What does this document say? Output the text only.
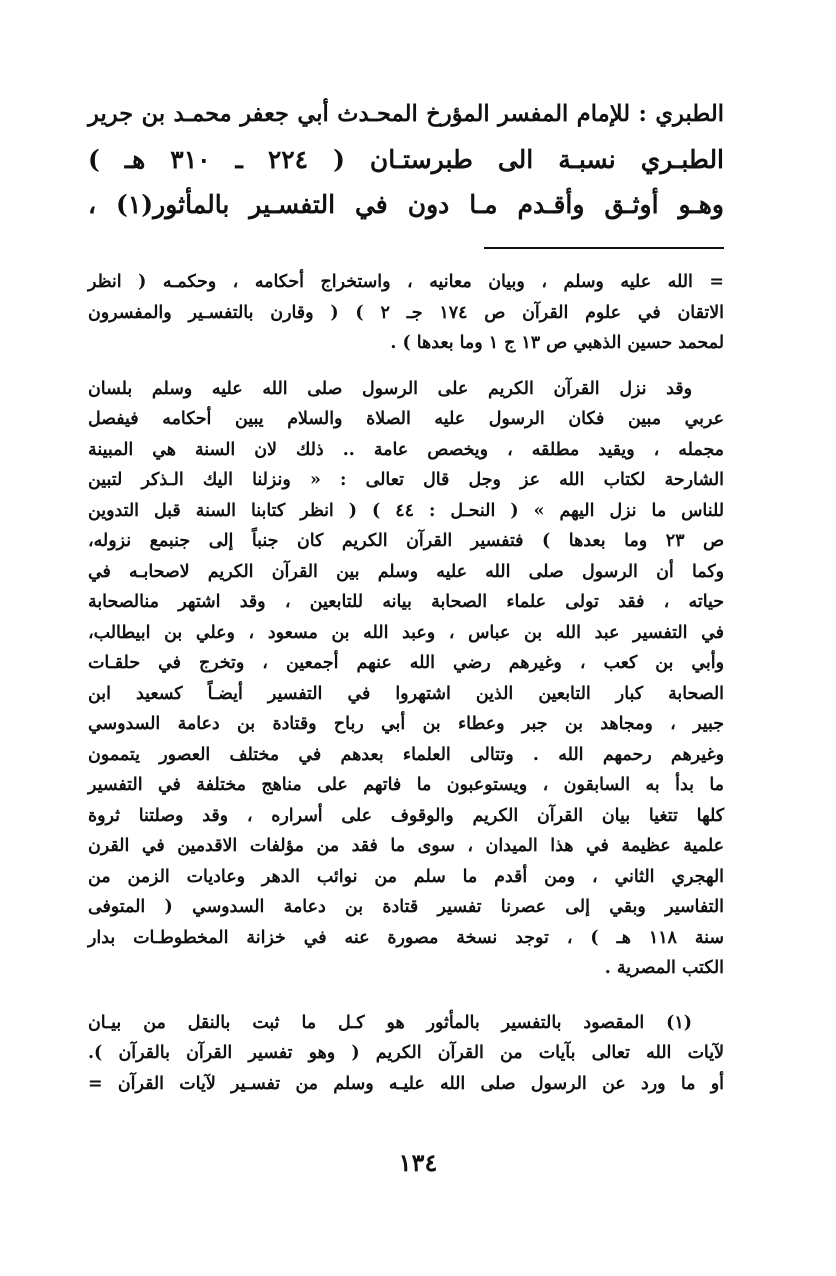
الطبري : للإمام المفسر المؤرخ المحـدث أبي جعفر محمـد بن جرير
الطبـري نسبـة الى طبرستـان ( ٢٢٤ ـ ٣١٠ هـ )
وهـو أوثـق وأقـدم مـا دون في التفسـير بالمأثور(١) ،
= الله عليه وسلم ، وبيان معانيه ، واستخراج أحكامه ، وحكمـه ( انظر
الاتقان في علوم القرآن ص ١٧٤ جـ ٢ ) ( وقارن بالتفسـير والمفسرون
لمحمد حسين الذهبي ص ١٣ ج ١ وما بعدها ) .
وقد نزل القرآن الكريم على الرسول صلى الله عليه وسلم بلسان
عربي مبين فكان الرسول عليه الصلاة والسلام يبين أحكامه فيفصل
مجمله ، ويقيد مطلقه ، ويخصص عامة .. ذلك لان السنة هي المبينة
الشارحة لكتاب الله عز وجل قال تعالى : « ونزلنا اليك الـذكر لتبين
للناس ما نزل اليهم » ( النحـل : ٤٤ ) ( انظر كتابنا السنة قبل التدوين
ص ٢٣ وما بعدها ) فتفسير القرآن الكريم كان جنباً إلى جنبمع نزوله،
وكما أن الرسول صلى الله عليه وسلم بين القرآن الكريم لاصحابـه في
حياته ، فقد تولى علماء الصحابة بيانه للتابعين ، وقد اشتهر منالصحابة
في التفسير عبد الله بن عباس ، وعبد الله بن مسعود ، وعلي بن ابيطالب،
وأبي بن كعب ، وغيرهم رضي الله عنهم أجمعين ، وتخرج في حلقـات
الصحابة كبار التابعين الذين اشتهروا في التفسير أيضـاً كسعيد ابن
جبير ، ومجاهد بن جبر وعطاء بن أبي رباح وقتادة بن دعامة السدوسي
وغيرهم رحمهم الله . وتتالى العلماء بعدهم في مختلف العصور يتممون
ما بدأ به السابقون ، ويستوعبون ما فاتهم على مناهج مختلفة في التفسير
كلها تتغيا بيان القرآن الكريم والوقوف على أسراره ، وقد وصلتنا ثروة
علمية عظيمة في هذا الميدان ، سوى ما فقد من مؤلفات الاقدمين في القرن
الهجري الثاني ، ومن أقدم ما سلم من نوائب الدهر وعاديات الزمن من
التفاسير وبقي إلى عصرنا تفسير قتادة بن دعامة السدوسي ( المتوفى
سنة ١١٨ هـ ) ، توجد نسخة مصورة عنه في خزانة المخطوطـات بدار
الكتب المصرية .
(١) المقصود بالتفسير بالمأثور هو كـل ما ثبت بالنقل من بيـان
لآيات الله تعالى بآيات من القرآن الكريم ( وهو تفسير القرآن بالقرآن ).
أو ما ورد عن الرسول صلى الله عليـه وسلم من تفسـير لآيات القرآن =
١٣٤
